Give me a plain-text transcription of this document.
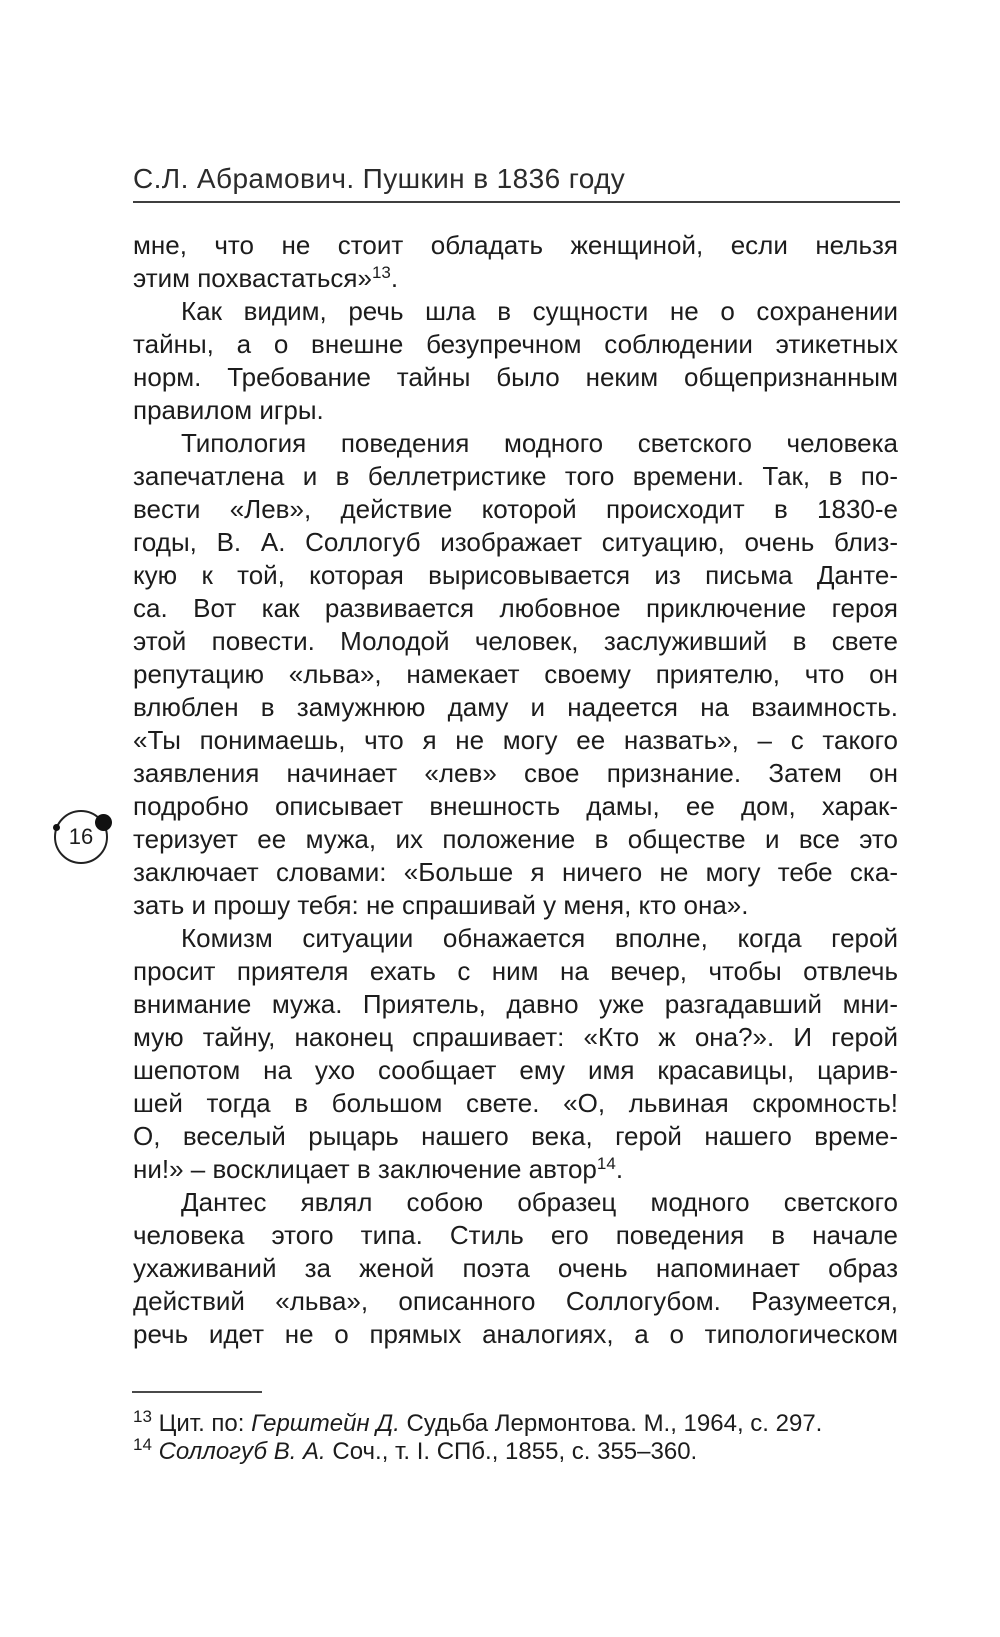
С.Л. Абрамович. Пушкин в 1836 году
16
мне, что не стоит обладать женщиной, если нельзя
этим похвастаться»$^{13}$.
Как видим, речь шла в сущности не о сохранении
тайны, а о внешне безупречном соблюдении этикетных
норм. Требование тайны было неким общепризнанным
правилом игры.
Типология поведения модного светского человека
запечатлена и в беллетристике того времени. Так, в по-
вести «Лев», действие которой происходит в 1830-е
годы, В. А. Соллогуб изображает ситуацию, очень близ-
кую к той, которая вырисовывается из письма Данте-
са. Вот как развивается любовное приключение героя
этой повести. Молодой человек, заслуживший в свете
репутацию «льва», намекает своему приятелю, что он
влюблен в замужнюю даму и надеется на взаимность.
«Ты понимаешь, что я не могу ее назвать», – с такого
заявления начинает «лев» свое признание. Затем он
подробно описывает внешность дамы, ее дом, харак-
теризует ее мужа, их положение в обществе и все это
заключает словами: «Больше я ничего не могу тебе ска-
зать и прошу тебя: не спрашивай у меня, кто она».
Комизм ситуации обнажается вполне, когда герой
просит приятеля ехать с ним на вечер, чтобы отвлечь
внимание мужа. Приятель, давно уже разгадавший мни-
мую тайну, наконец спрашивает: «Кто ж она?». И герой
шепотом на ухо сообщает ему имя красавицы, царив-
шей тогда в большом свете. «О, львиная скромность!
О, веселый рыцарь нашего века, герой нашего време-
ни!» – восклицает в заключение автор$^{14}$.
Дантес являл собою образец модного светского
человека этого типа. Стиль его поведения в начале
ухаживаний за женой поэта очень напоминает образ
действий «льва», описанного Соллогубом. Разумеется,
речь идет не о прямых аналогиях, а о типологическом
$^{13}$ Цит. по: Герштейн Д. Судьба Лермонтова. М., 1964, с. 297.
$^{14}$ Соллогуб В. А. Соч., т. I. СПб., 1855, с. 355–360.
